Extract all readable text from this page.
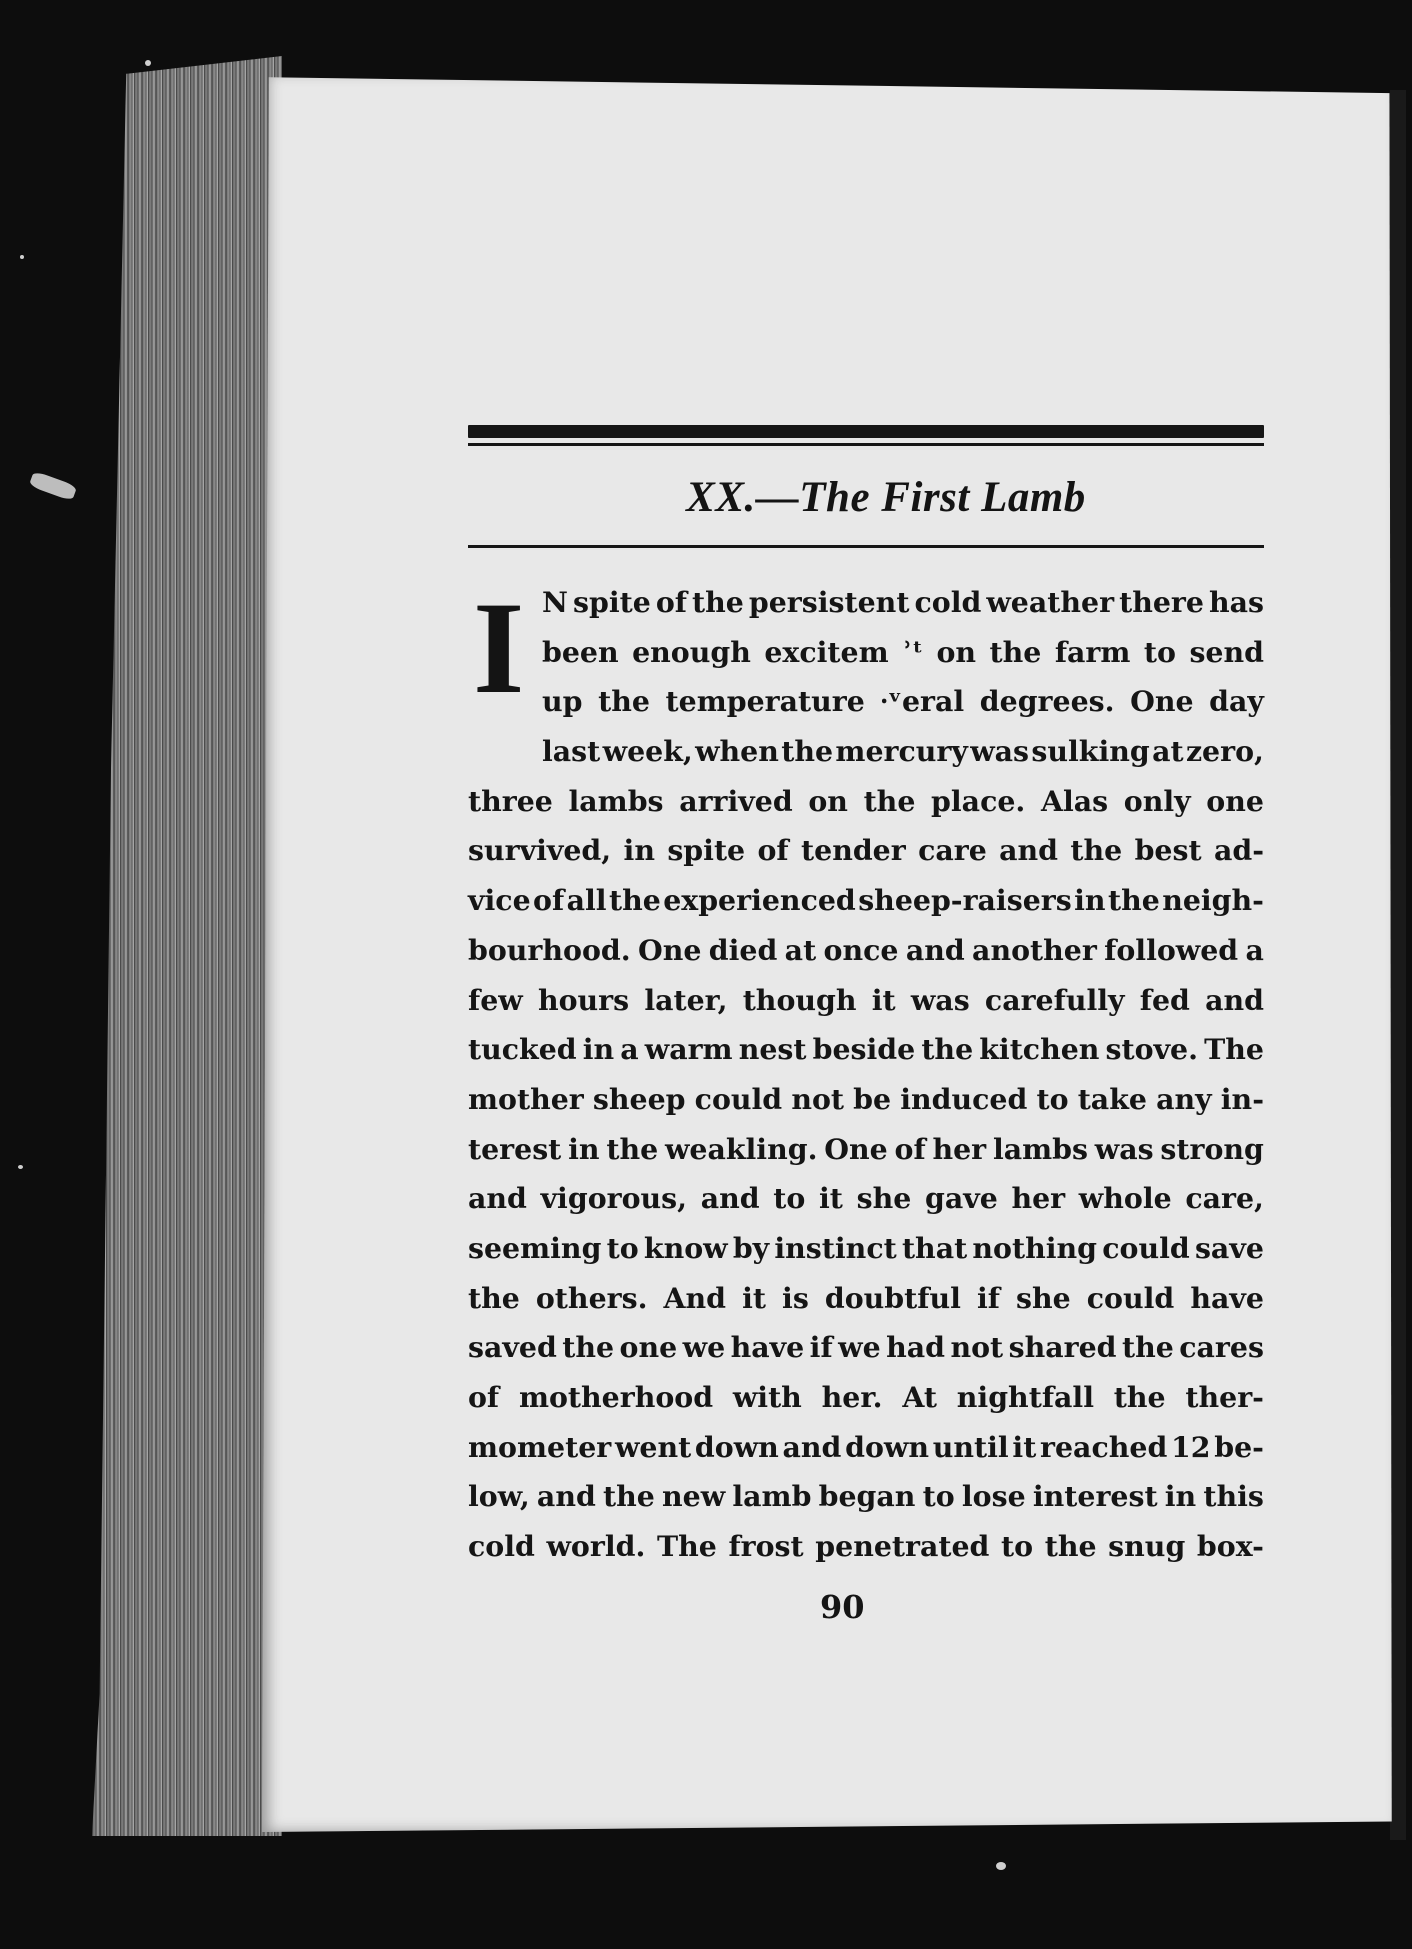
XX.—The First Lamb
I N spite of the persistent cold weather there has
been enough excitem ʾᵗ on the farm to send
up the temperature ⸱ᵛeral degrees. One day
last week, when the mercury was sulking at zero,
three lambs arrived on the place. Alas only one
survived, in spite of tender care and the best ad-
vice of all the experienced sheep-raisers in the neigh-
bourhood. One died at once and another followed a
few hours later, though it was carefully fed and
tucked in a warm nest beside the kitchen stove. The
mother sheep could not be induced to take any in-
terest in the weakling. One of her lambs was strong
and vigorous, and to it she gave her whole care,
seeming to know by instinct that nothing could save
the others. And it is doubtful if she could have
saved the one we have if we had not shared the cares
of motherhood with her. At nightfall the ther-
mometer went down and down until it reached 12 be-
low, and the new lamb began to lose interest in this
cold world. The frost penetrated to the snug box-
90
